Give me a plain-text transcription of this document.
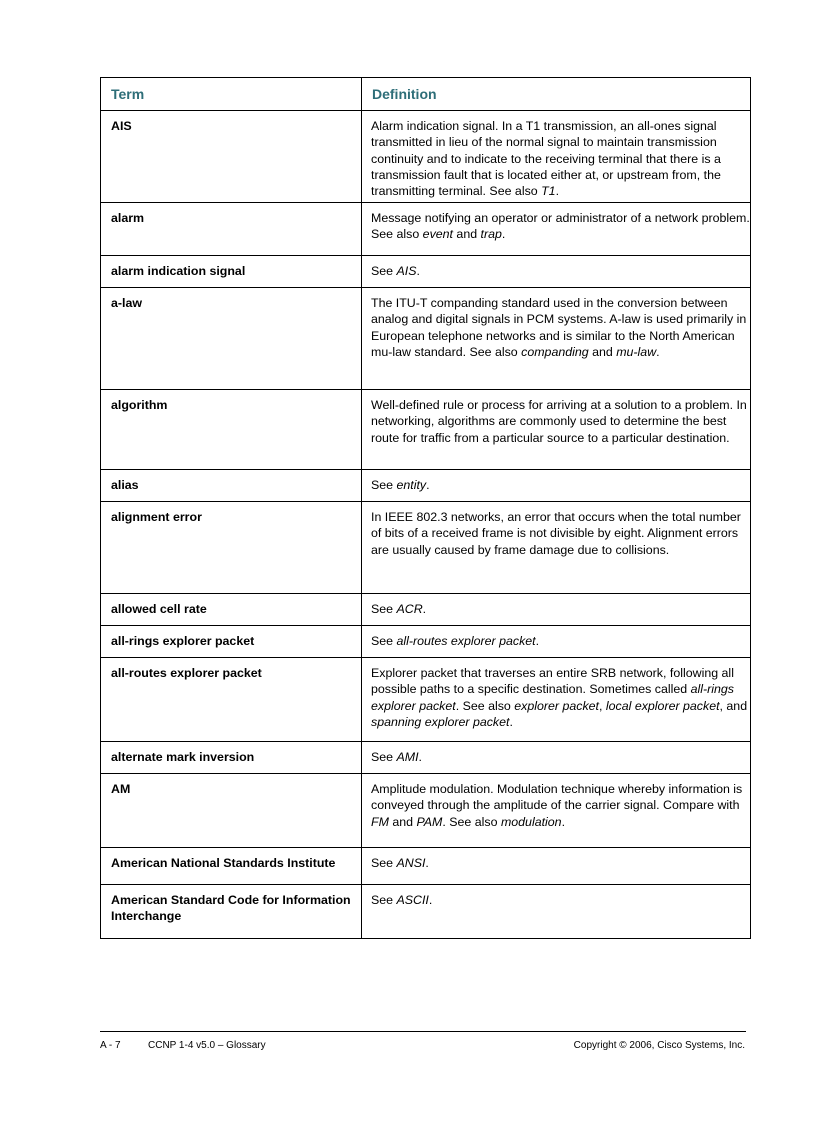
Term	Definition
AIS	Alarm indication signal. In a T1 transmission, an all-ones signal transmitted in lieu of the normal signal to maintain transmission continuity and to indicate to the receiving terminal that there is a transmission fault that is located either at, or upstream from, the transmitting terminal. See also T1.
alarm	Message notifying an operator or administrator of a network problem. See also event and trap.
alarm indication signal	See AIS.
a-law	The ITU-T companding standard used in the conversion between analog and digital signals in PCM systems. A-law is used primarily in European telephone networks and is similar to the North American mu-law standard. See also companding and mu-law.
algorithm	Well-defined rule or process for arriving at a solution to a problem. In networking, algorithms are commonly used to determine the best route for traffic from a particular source to a particular destination.
alias	See entity.
alignment error	In IEEE 802.3 networks, an error that occurs when the total number of bits of a received frame is not divisible by eight. Alignment errors are usually caused by frame damage due to collisions.
allowed cell rate	See ACR.
all-rings explorer packet	See all-routes explorer packet.
all-routes explorer packet	Explorer packet that traverses an entire SRB network, following all possible paths to a specific destination. Sometimes called all-rings explorer packet. See also explorer packet, local explorer packet, and spanning explorer packet.
alternate mark inversion	See AMI.
AM	Amplitude modulation. Modulation technique whereby information is conveyed through the amplitude of the carrier signal. Compare with FM and PAM. See also modulation.
American National Standards Institute	See ANSI.
American Standard Code for Information Interchange	See ASCII.
A - 7	CCNP 1-4 v5.0 – Glossary	Copyright © 2006, Cisco Systems, Inc.
